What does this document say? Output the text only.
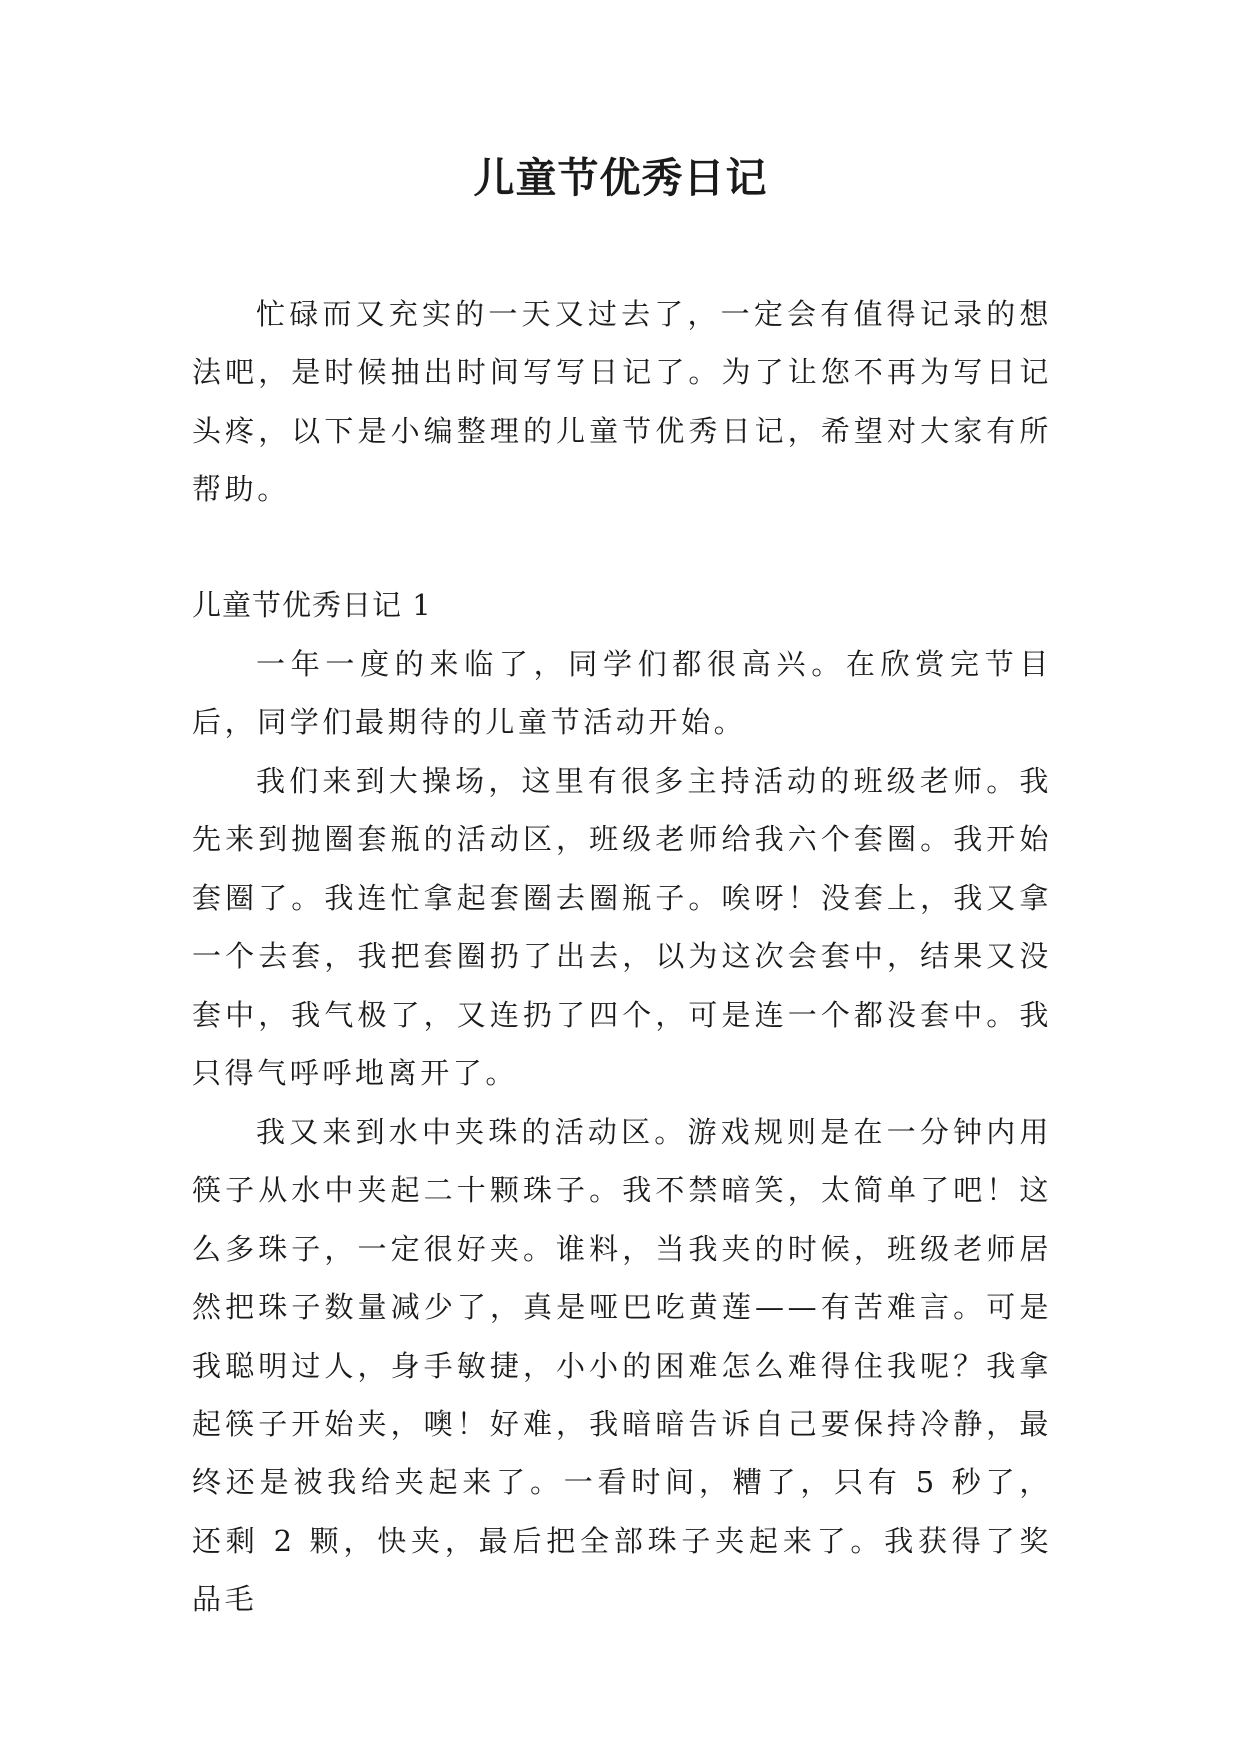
儿童节优秀日记

忙碌而又充实的一天又过去了，一定会有值得记录的想法吧，是时候抽出时间写写日记了。为了让您不再为写日记头疼，以下是小编整理的儿童节优秀日记，希望对大家有所帮助。

儿童节优秀日记 1

一年一度的来临了，同学们都很高兴。在欣赏完节目后，同学们最期待的儿童节活动开始。

我们来到大操场，这里有很多主持活动的班级老师。我先来到抛圈套瓶的活动区，班级老师给我六个套圈。我开始套圈了。我连忙拿起套圈去圈瓶子。唉呀！没套上，我又拿一个去套，我把套圈扔了出去，以为这次会套中，结果又没套中，我气极了，又连扔了四个，可是连一个都没套中。我只得气呼呼地离开了。

我又来到水中夹珠的活动区。游戏规则是在一分钟内用筷子从水中夹起二十颗珠子。我不禁暗笑，太简单了吧！这么多珠子，一定很好夹。谁料，当我夹的时候，班级老师居然把珠子数量减少了，真是哑巴吃黄莲——有苦难言。可是我聪明过人，身手敏捷，小小的困难怎么难得住我呢？我拿起筷子开始夹，噢！好难，我暗暗告诉自己要保持冷静，最终还是被我给夹起来了。一看时间，糟了，只有 5 秒了，还剩 2 颗，快夹，最后把全部珠子夹起来了。我获得了奖品毛
